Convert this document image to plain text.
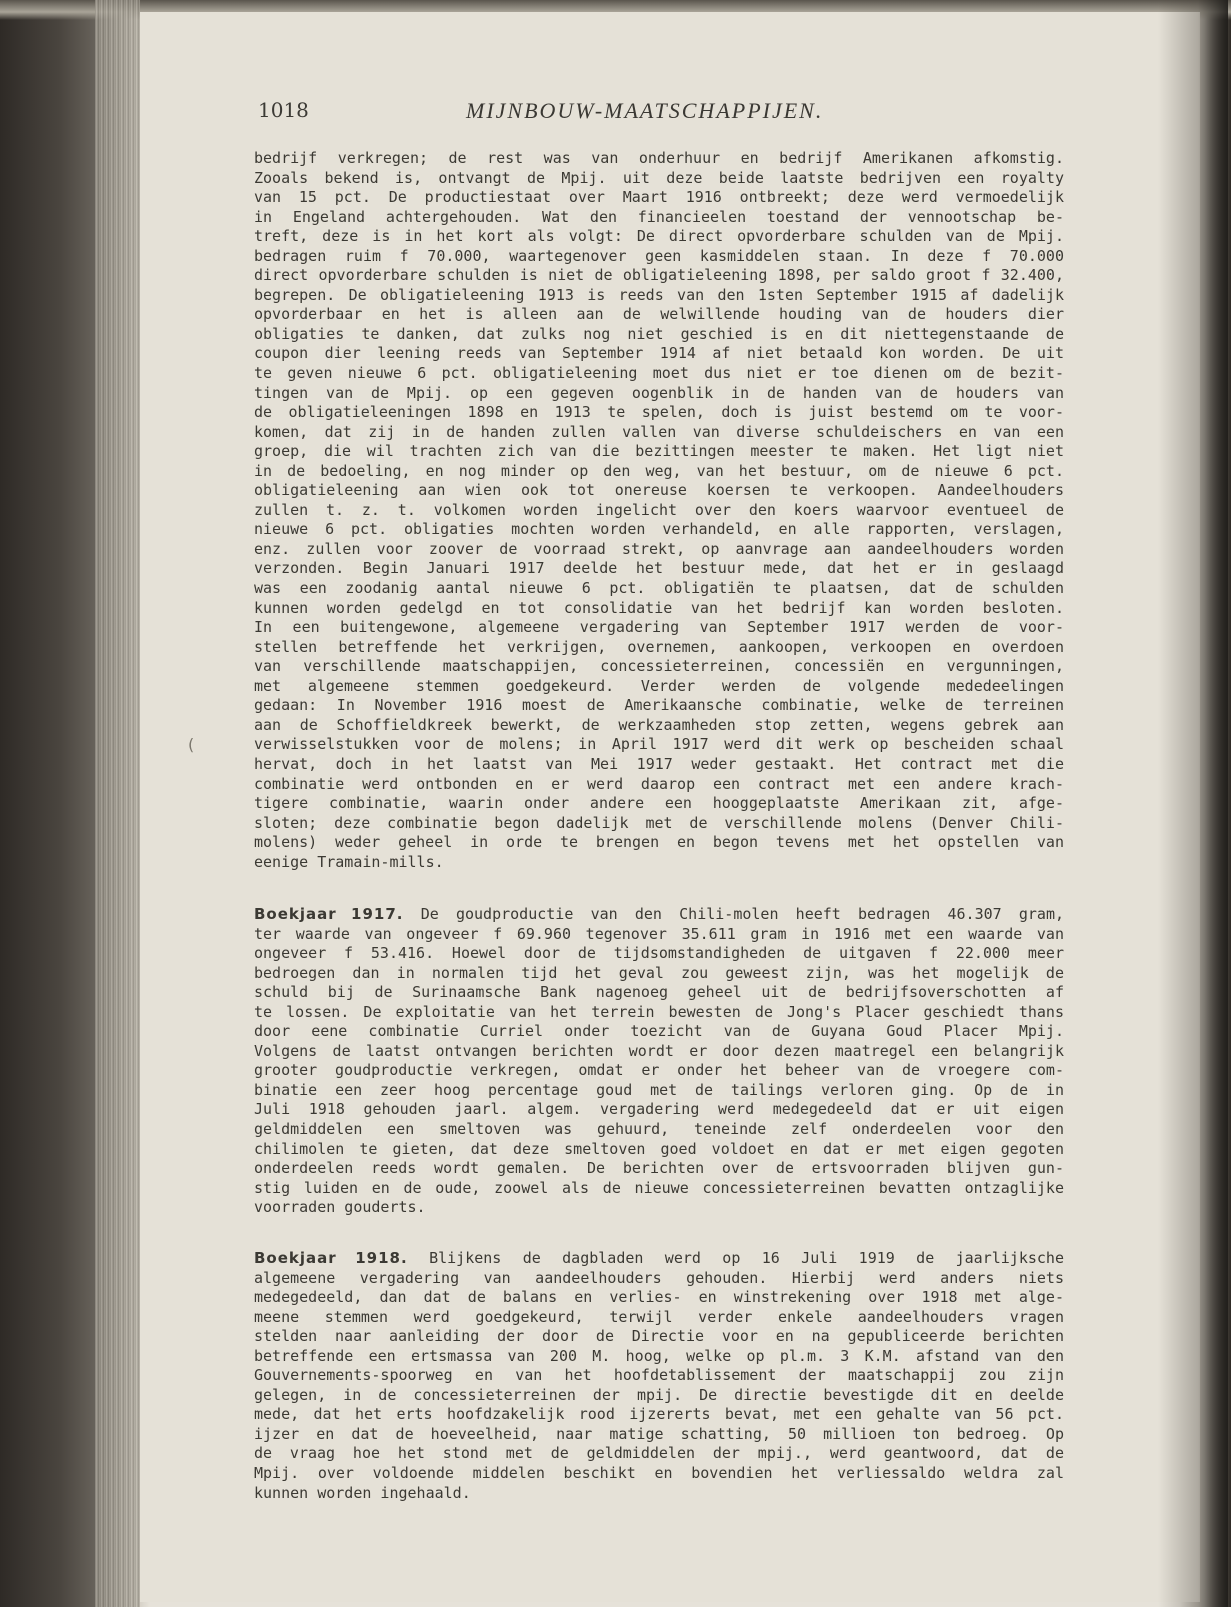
1018	MIJNBOUW-MAATSCHAPPIJEN.
(
bedrijf verkregen; de rest was van onderhuur en bedrijf Amerikanen afkomstig.
Zooals bekend is, ontvangt de Mpij. uit deze beide laatste bedrijven een royalty
van 15 pct. De productiestaat over Maart 1916 ontbreekt; deze werd vermoedelijk
in Engeland achtergehouden. Wat den financieelen toestand der vennootschap be-
treft, deze is in het kort als volgt: De direct opvorderbare schulden van de Mpij.
bedragen ruim f 70.000, waartegenover geen kasmiddelen staan. In deze f 70.000
direct opvorderbare schulden is niet de obligatieleening 1898, per saldo groot f 32.400,
begrepen. De obligatieleening 1913 is reeds van den 1sten September 1915 af dadelijk
opvorderbaar en het is alleen aan de welwillende houding van de houders dier
obligaties te danken, dat zulks nog niet geschied is en dit niettegenstaande de
coupon dier leening reeds van September 1914 af niet betaald kon worden. De uit
te geven nieuwe 6 pct. obligatieleening moet dus niet er toe dienen om de bezit-
tingen van de Mpij. op een gegeven oogenblik in de handen van de houders van
de obligatieleeningen 1898 en 1913 te spelen, doch is juist bestemd om te voor-
komen, dat zij in de handen zullen vallen van diverse schuldeischers en van een
groep, die wil trachten zich van die bezittingen meester te maken. Het ligt niet
in de bedoeling, en nog minder op den weg, van het bestuur, om de nieuwe 6 pct.
obligatieleening aan wien ook tot onereuse koersen te verkoopen. Aandeelhouders
zullen t. z. t. volkomen worden ingelicht over den koers waarvoor eventueel de
nieuwe 6 pct. obligaties mochten worden verhandeld, en alle rapporten, verslagen,
enz. zullen voor zoover de voorraad strekt, op aanvrage aan aandeelhouders worden
verzonden. Begin Januari 1917 deelde het bestuur mede, dat het er in geslaagd
was een zoodanig aantal nieuwe 6 pct. obligatiën te plaatsen, dat de schulden
kunnen worden gedelgd en tot consolidatie van het bedrijf kan worden besloten.
In een buitengewone, algemeene vergadering van September 1917 werden de voor-
stellen betreffende het verkrijgen, overnemen, aankoopen, verkoopen en overdoen
van verschillende maatschappijen, concessieterreinen, concessiën en vergunningen,
met algemeene stemmen goedgekeurd. Verder werden de volgende mededeelingen
gedaan: In November 1916 moest de Amerikaansche combinatie, welke de terreinen
aan de Schoffieldkreek bewerkt, de werkzaamheden stop zetten, wegens gebrek aan
verwisselstukken voor de molens; in April 1917 werd dit werk op bescheiden schaal
hervat, doch in het laatst van Mei 1917 weder gestaakt. Het contract met die
combinatie werd ontbonden en er werd daarop een contract met een andere krach-
tigere combinatie, waarin onder andere een hooggeplaatste Amerikaan zit, afge-
sloten; deze combinatie begon dadelijk met de verschillende molens (Denver Chili-
molens) weder geheel in orde te brengen en begon tevens met het opstellen van
eenige Tramain-mills.
Boekjaar 1917. De goudproductie van den Chili-molen heeft bedragen 46.307 gram,
ter waarde van ongeveer f 69.960 tegenover 35.611 gram in 1916 met een waarde van
ongeveer f 53.416. Hoewel door de tijdsomstandigheden de uitgaven f 22.000 meer
bedroegen dan in normalen tijd het geval zou geweest zijn, was het mogelijk de
schuld bij de Surinaamsche Bank nagenoeg geheel uit de bedrijfsoverschotten af
te lossen. De exploitatie van het terrein bewesten de Jong's Placer geschiedt thans
door eene combinatie Curriel onder toezicht van de Guyana Goud Placer Mpij.
Volgens de laatst ontvangen berichten wordt er door dezen maatregel een belangrijk
grooter goudproductie verkregen, omdat er onder het beheer van de vroegere com-
binatie een zeer hoog percentage goud met de tailings verloren ging. Op de in
Juli 1918 gehouden jaarl. algem. vergadering werd medegedeeld dat er uit eigen
geldmiddelen een smeltoven was gehuurd, teneinde zelf onderdeelen voor den
chilimolen te gieten, dat deze smeltoven goed voldoet en dat er met eigen gegoten
onderdeelen reeds wordt gemalen. De berichten over de ertsvoorraden blijven gun-
stig luiden en de oude, zoowel als de nieuwe concessieterreinen bevatten ontzaglijke
voorraden gouderts.
Boekjaar 1918. Blijkens de dagbladen werd op 16 Juli 1919 de jaarlijksche
algemeene vergadering van aandeelhouders gehouden. Hierbij werd anders niets
medegedeeld, dan dat de balans en verlies- en winstrekening over 1918 met alge-
meene stemmen werd goedgekeurd, terwijl verder enkele aandeelhouders vragen
stelden naar aanleiding der door de Directie voor en na gepubliceerde berichten
betreffende een ertsmassa van 200 M. hoog, welke op pl.m. 3 K.M. afstand van den
Gouvernements-spoorweg en van het hoofdetablissement der maatschappij zou zijn
gelegen, in de concessieterreinen der mpij. De directie bevestigde dit en deelde
mede, dat het erts hoofdzakelijk rood ijzererts bevat, met een gehalte van 56 pct.
ijzer en dat de hoeveelheid, naar matige schatting, 50 millioen ton bedroeg. Op
de vraag hoe het stond met de geldmiddelen der mpij., werd geantwoord, dat de
Mpij. over voldoende middelen beschikt en bovendien het verliessaldo weldra zal
kunnen worden ingehaald.
